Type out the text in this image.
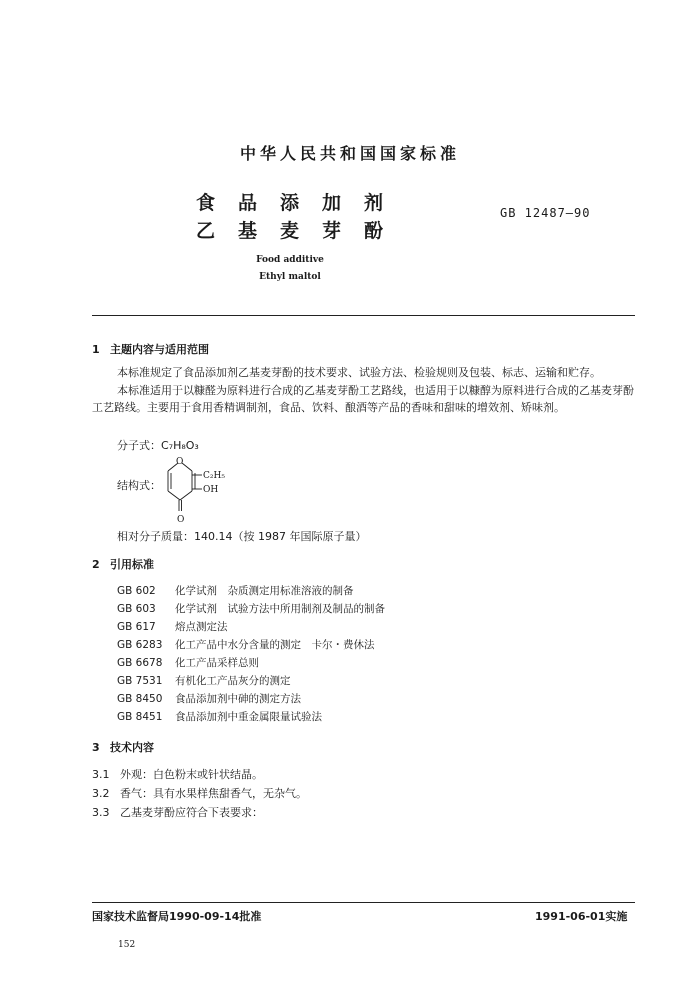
中华人民共和国国家标准
食品添加剂
乙基麦芽酚
GB 12487—90
Food additive
Ethyl maltol
1 主题内容与适用范围
本标准规定了食品添加剂乙基麦芽酚的技术要求、试验方法、检验规则及包装、标志、运输和贮存。
本标准适用于以糠醛为原料进行合成的乙基麦芽酚工艺路线，也适用于以糠醇为原料进行合成的乙基麦芽酚工艺路线。主要用于食用香精调制剂，食品、饮料、酿酒等产品的香味和甜味的增效剂、矫味剂。
分子式：C₇H₈O₃
结构式：
O
C₂H₅
OH
O
相对分子质量：140.14（按 1987 年国际原子量）
2 引用标准
GB 602 化学试剂　杂质测定用标准溶液的制备
GB 603 化学试剂　试验方法中所用制剂及制品的制备
GB 617 熔点测定法
GB 6283 化工产品中水分含量的测定　卡尔・费休法
GB 6678 化工产品采样总则
GB 7531 有机化工产品灰分的测定
GB 8450 食品添加剂中砷的测定方法
GB 8451 食品添加剂中重金属限量试验法
3 技术内容
3.1 外观：白色粉末或针状结晶。
3.2 香气：具有水果样焦甜香气，无杂气。
3.3 乙基麦芽酚应符合下表要求：
国家技术监督局1990-09-14批准	1991-06-01实施
152
